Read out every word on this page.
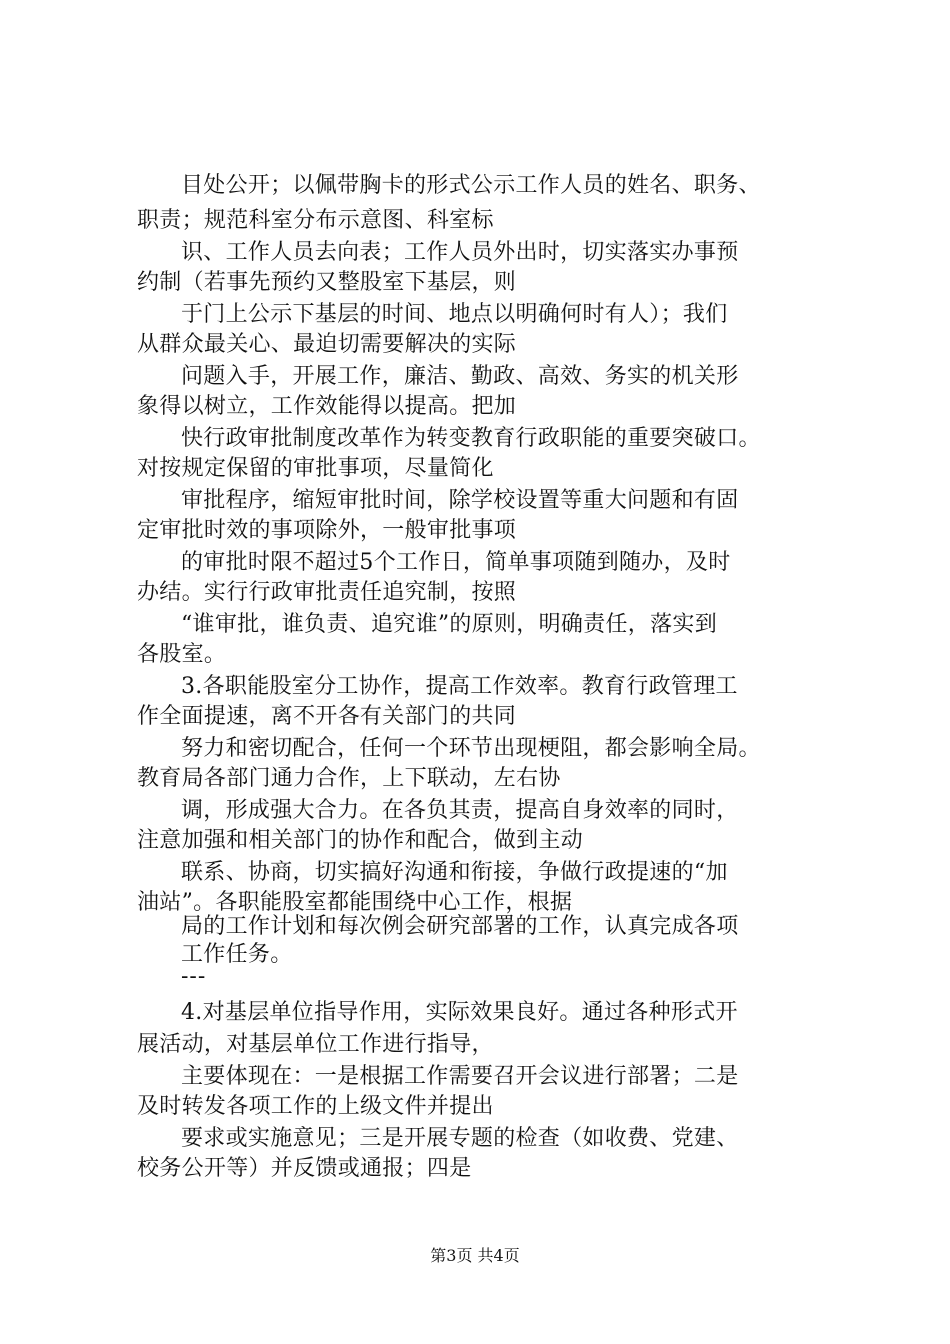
目处公开；以佩带胸卡的形式公示工作人员的姓名、职务、
职责；规范科室分布示意图、科室标
识、工作人员去向表；工作人员外出时，切实落实办事预
约制（若事先预约又整股室下基层，则
于门上公示下基层的时间、地点以明确何时有人）；我们
从群众最关心、最迫切需要解决的实际
问题入手，开展工作，廉洁、勤政、高效、务实的机关形
象得以树立，工作效能得以提高。把加
快行政审批制度改革作为转变教育行政职能的重要突破口。
对按规定保留的审批事项，尽量简化
审批程序，缩短审批时间，除学校设置等重大问题和有固
定审批时效的事项除外，一般审批事项
的审批时限不超过5个工作日，简单事项随到随办，及时
办结。实行行政审批责任追究制，按照
“谁审批，谁负责、追究谁”的原则，明确责任，落实到
各股室。
3.各职能股室分工协作，提高工作效率。教育行政管理工
作全面提速，离不开各有关部门的共同
努力和密切配合，任何一个环节出现梗阻，都会影响全局。
教育局各部门通力合作，上下联动，左右协
调，形成强大合力。在各负其责，提高自身效率的同时，
注意加强和相关部门的协作和配合，做到主动
联系、协商，切实搞好沟通和衔接，争做行政提速的“加
油站”。各职能股室都能围绕中心工作，根据
局的工作计划和每次例会研究部署的工作，认真完成各项
工作任务。
---
4.对基层单位指导作用，实际效果良好。通过各种形式开
展活动，对基层单位工作进行指导，
主要体现在：一是根据工作需要召开会议进行部署；二是
及时转发各项工作的上级文件并提出
要求或实施意见；三是开展专题的检查（如收费、党建、
校务公开等）并反馈或通报；四是
第3页 共4页
